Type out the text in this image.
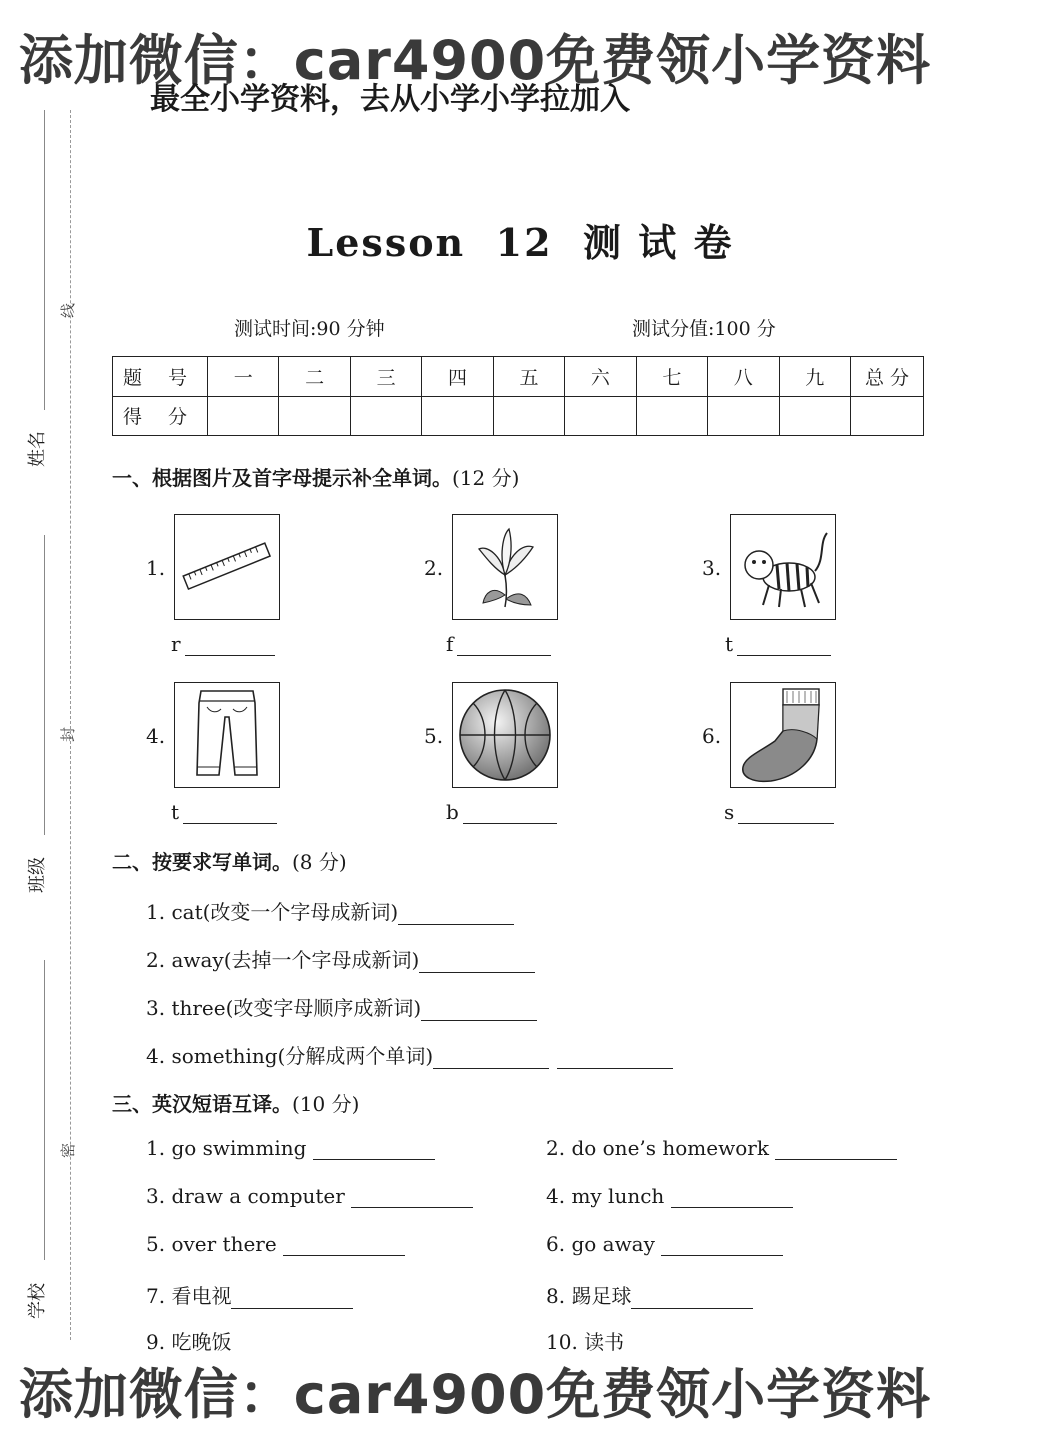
添加微信：car4900免费领小学资料
最全小学资料，去从小学小学拉加入
线
姓名
封
班级
密
学校
Lesson  12  测 试 卷
测试时间:90 分钟	测试分值:100 分
题 号	一	二	三	四	五	六	七	八	九	总 分
得 分										
一、根据图片及首字母提示补全单词。(12 分)
1.
r
2.
f
3.
t
4.
t
5.
b
6.
s
二、按要求写单词。(8 分)
1. cat(改变一个字母成新词)
2. away(去掉一个字母成新词)
3. three(改变字母顺序成新词)
4. something(分解成两个单词)
三、英汉短语互译。(10 分)
1. go swimming	2. do one’s homework
3. draw a computer	4. my lunch
5. over there	6. go away
7. 看电视	8. 踢足球
9. 吃晚饭	10. 读书
添加微信：car4900免费领小学资料
